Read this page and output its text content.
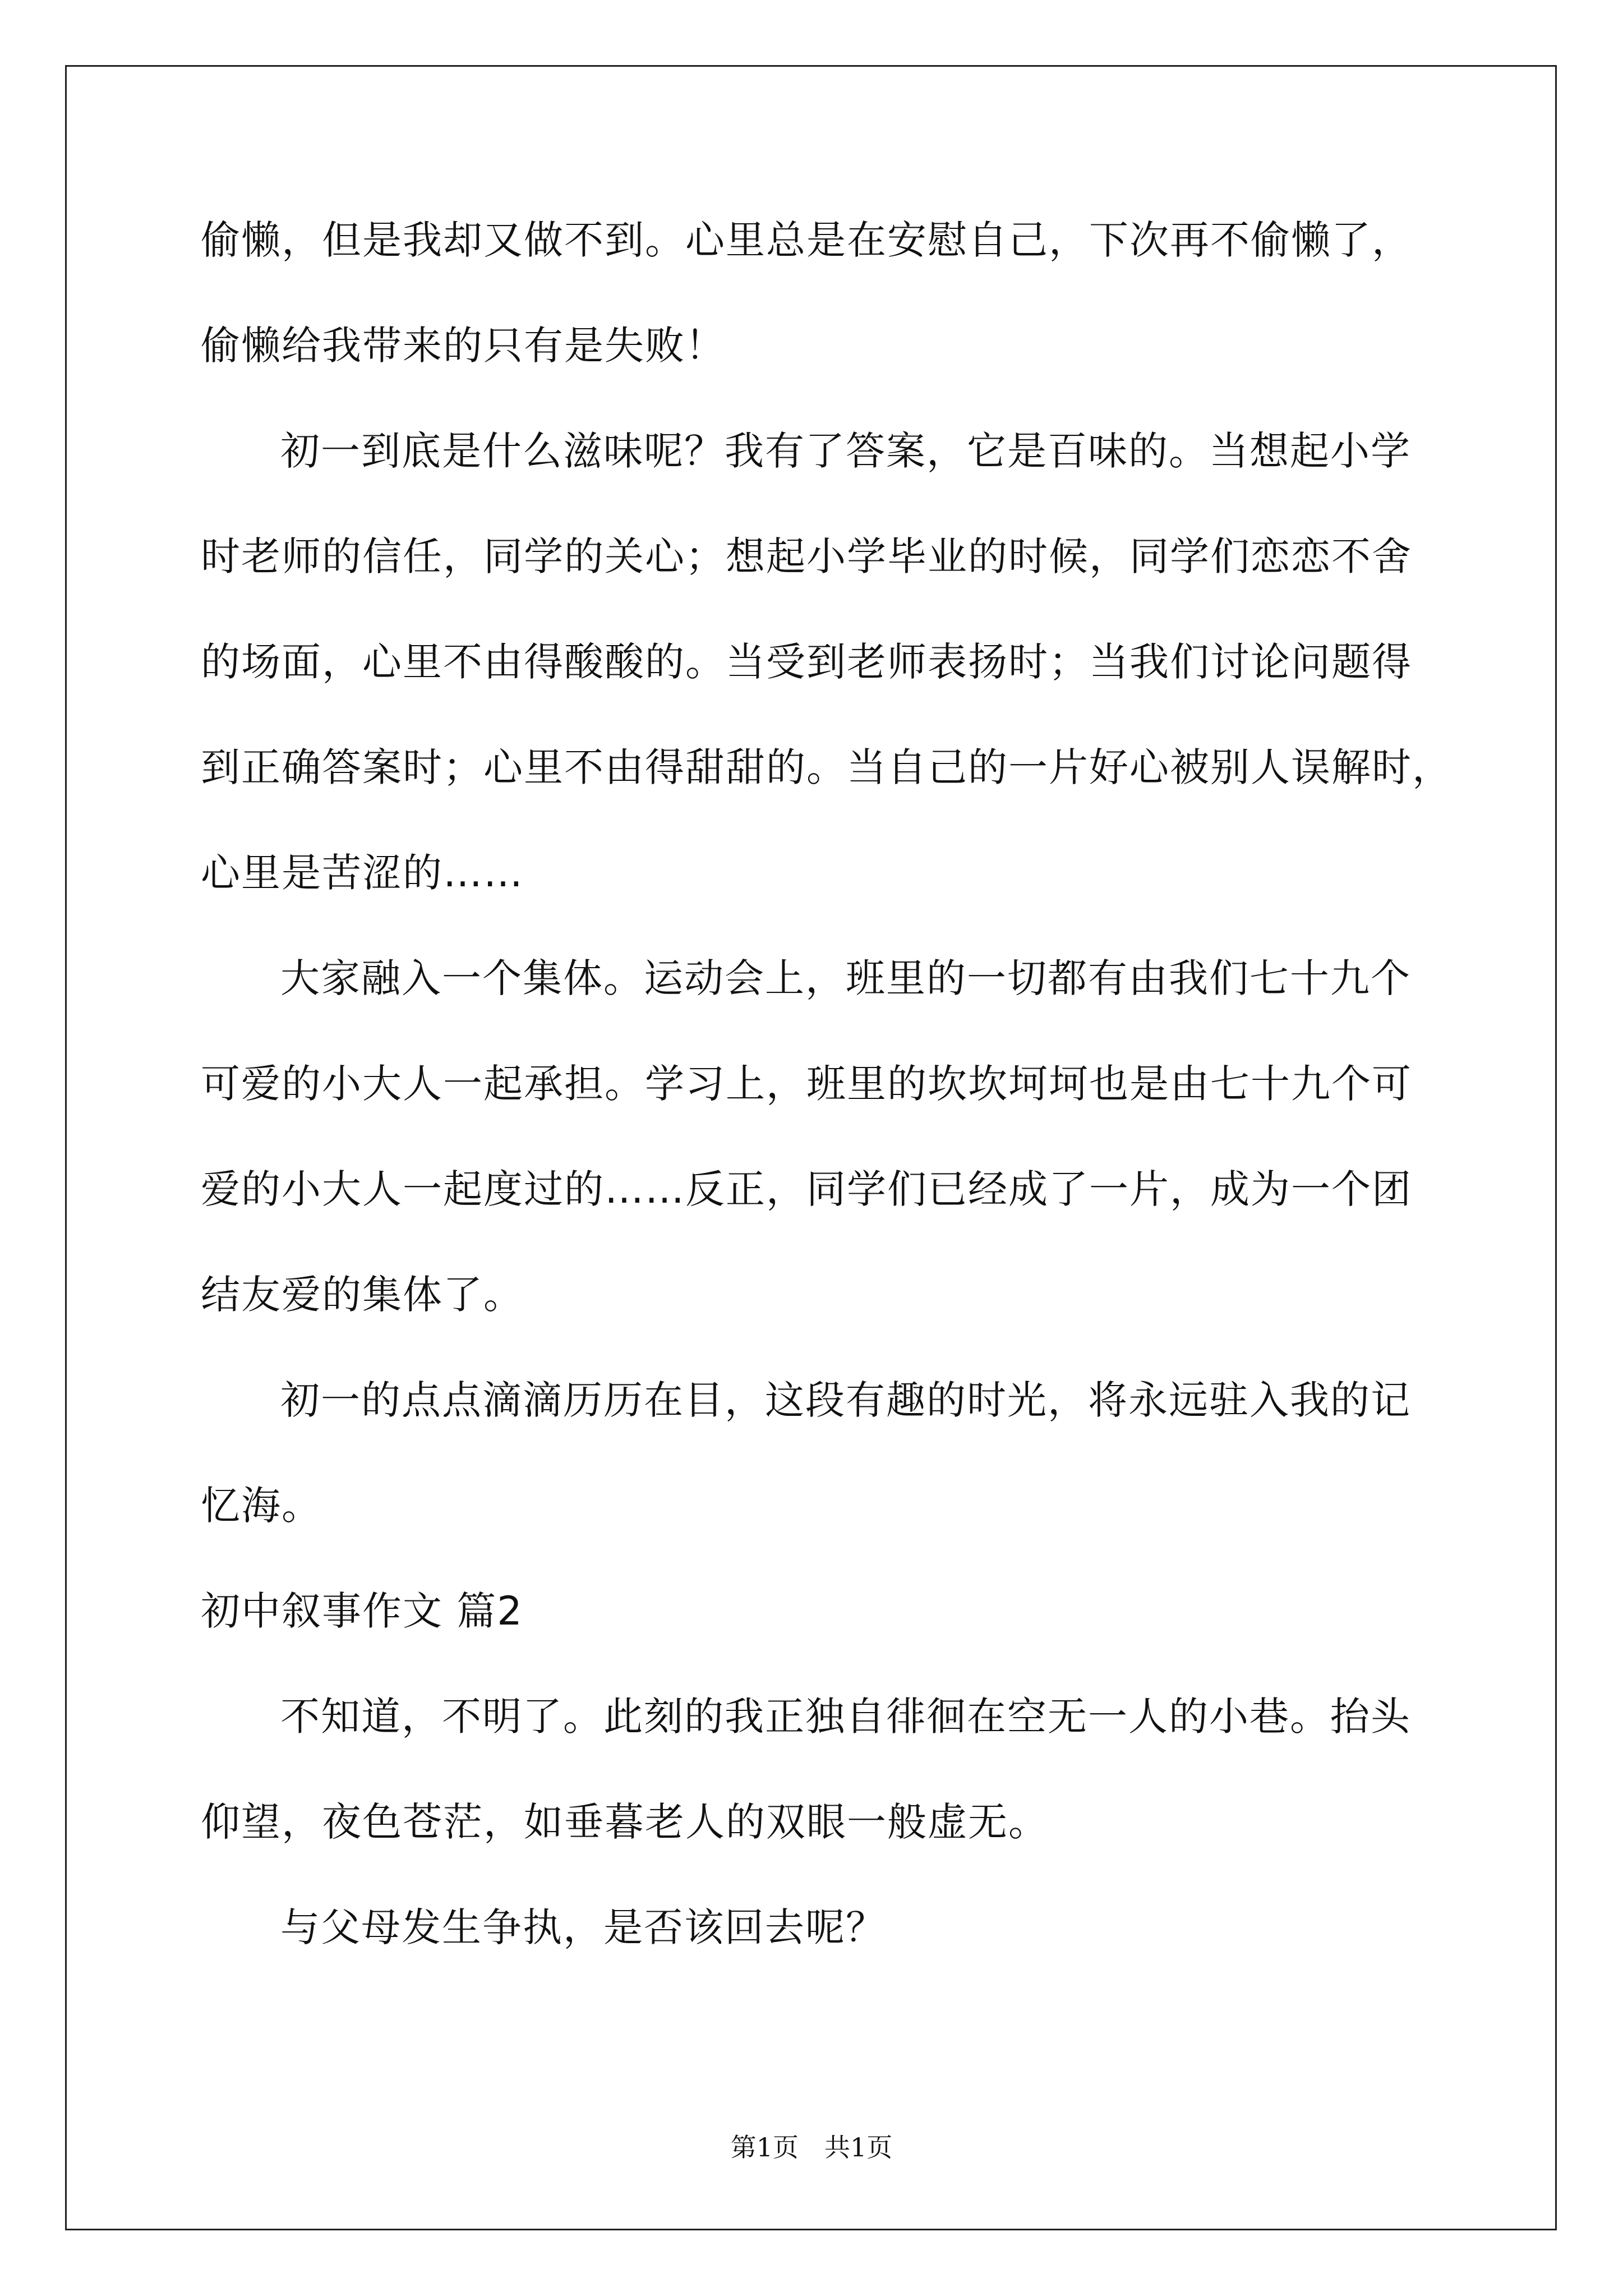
偷懒，但是我却又做不到。心里总是在安慰自己，下次再不偷懒了，
偷懒给我带来的只有是失败！
初一到底是什么滋味呢？我有了答案，它是百味的。当想起小学
时老师的信任，同学的关心；想起小学毕业的时候，同学们恋恋不舍
的场面，心里不由得酸酸的。当受到老师表扬时；当我们讨论问题得
到正确答案时；心里不由得甜甜的。当自己的一片好心被别人误解时，
心里是苦涩的……
大家融入一个集体。运动会上，班里的一切都有由我们七十九个
可爱的小大人一起承担。学习上，班里的坎坎坷坷也是由七十九个可
爱的小大人一起度过的……反正，同学们已经成了一片，成为一个团
结友爱的集体了。
初一的点点滴滴历历在目，这段有趣的时光，将永远驻入我的记
忆海。
初中叙事作文 篇2
不知道，不明了。此刻的我正独自徘徊在空无一人的小巷。抬头
仰望，夜色苍茫，如垂暮老人的双眼一般虚无。
与父母发生争执，是否该回去呢？
第1页　共1页
